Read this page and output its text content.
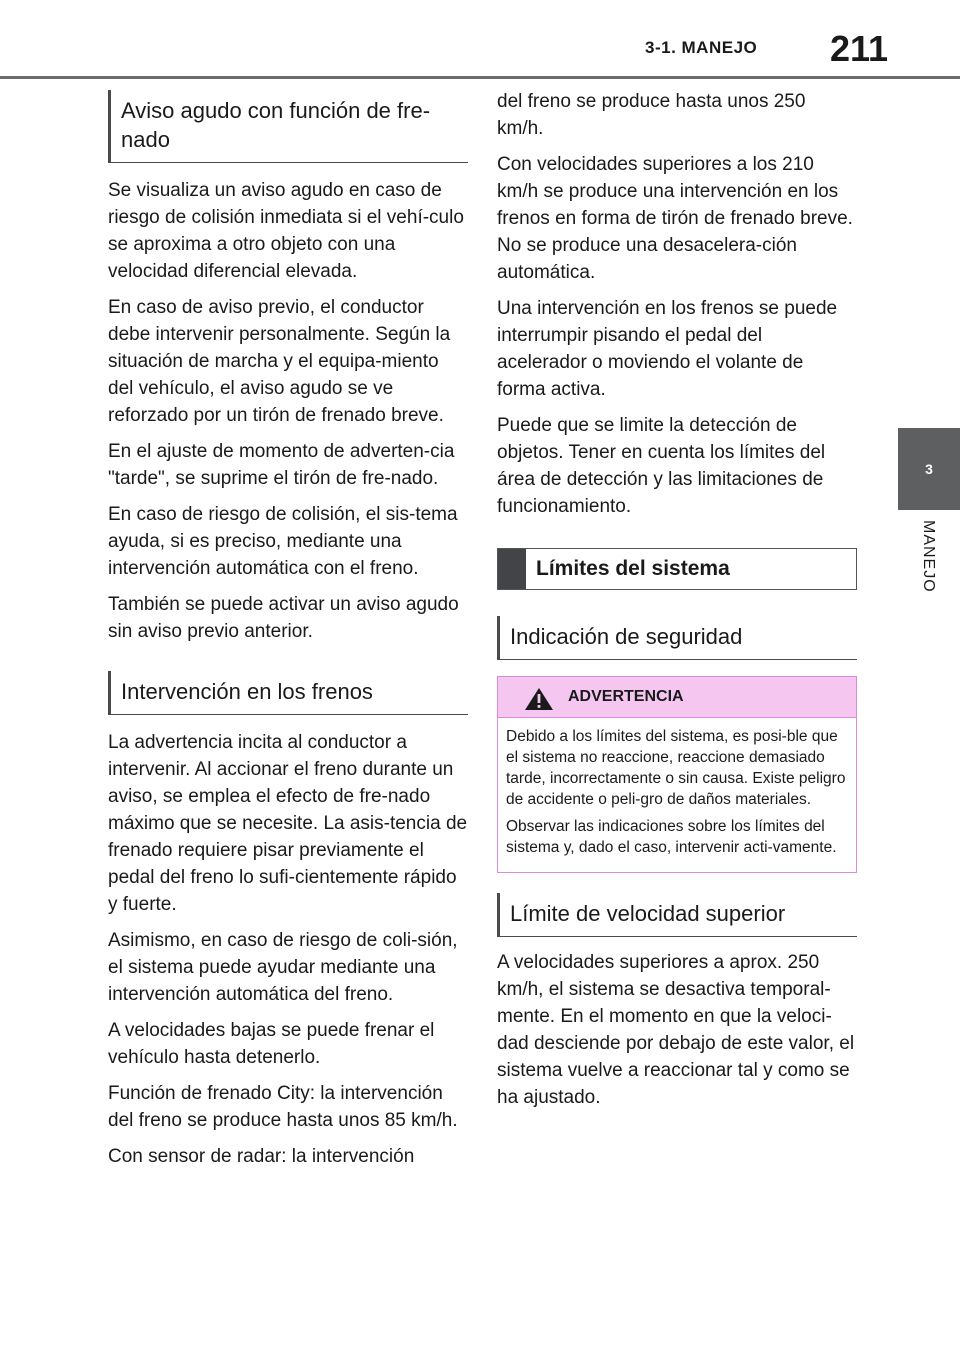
3-1. MANEJO 211
3
MANEJO
Aviso agudo con función de fre-
nado

Se visualiza un aviso agudo en caso de riesgo de colisión inmediata si el vehí-culo se aproxima a otro objeto con una velocidad diferencial elevada.

En caso de aviso previo, el conductor debe intervenir personalmente. Según la situación de marcha y el equipa-miento del vehículo, el aviso agudo se ve reforzado por un tirón de frenado breve.

En el ajuste de momento de adverten-cia "tarde", se suprime el tirón de fre-nado.

En caso de riesgo de colisión, el sis-tema ayuda, si es preciso, mediante una intervención automática con el freno.

También se puede activar un aviso agudo sin aviso previo anterior.

Intervención en los frenos

La advertencia incita al conductor a intervenir. Al accionar el freno durante un aviso, se emplea el efecto de fre-nado máximo que se necesite. La asis-tencia de frenado requiere pisar previamente el pedal del freno lo sufi-cientemente rápido y fuerte.

Asimismo, en caso de riesgo de coli-sión, el sistema puede ayudar mediante una intervención automática del freno.

A velocidades bajas se puede frenar el vehículo hasta detenerlo.

Función de frenado City: la intervención del freno se produce hasta unos 85 km/h.

Con sensor de radar: la intervención

del freno se produce hasta unos 250 km/h.

Con velocidades superiores a los 210 km/h se produce una intervención en los frenos en forma de tirón de frenado breve. No se produce una desacelera-ción automática.

Una intervención en los frenos se puede interrumpir pisando el pedal del acelerador o moviendo el volante de forma activa.

Puede que se limite la detección de objetos. Tener en cuenta los límites del área de detección y las limitaciones de funcionamiento.

Límites del sistema
Indicación de seguridad
ADVERTENCIA

Debido a los límites del sistema, es posi-ble que el sistema no reaccione, reaccione demasiado tarde, incorrectamente o sin causa. Existe peligro de accidente o peli-gro de daños materiales.

Observar las indicaciones sobre los límites del sistema y, dado el caso, intervenir acti-vamente.

Límite de velocidad superior

A velocidades superiores a aprox. 250 km/h, el sistema se desactiva temporal-mente. En el momento en que la veloci-dad desciende por debajo de este valor, el sistema vuelve a reaccionar tal y como se ha ajustado.
